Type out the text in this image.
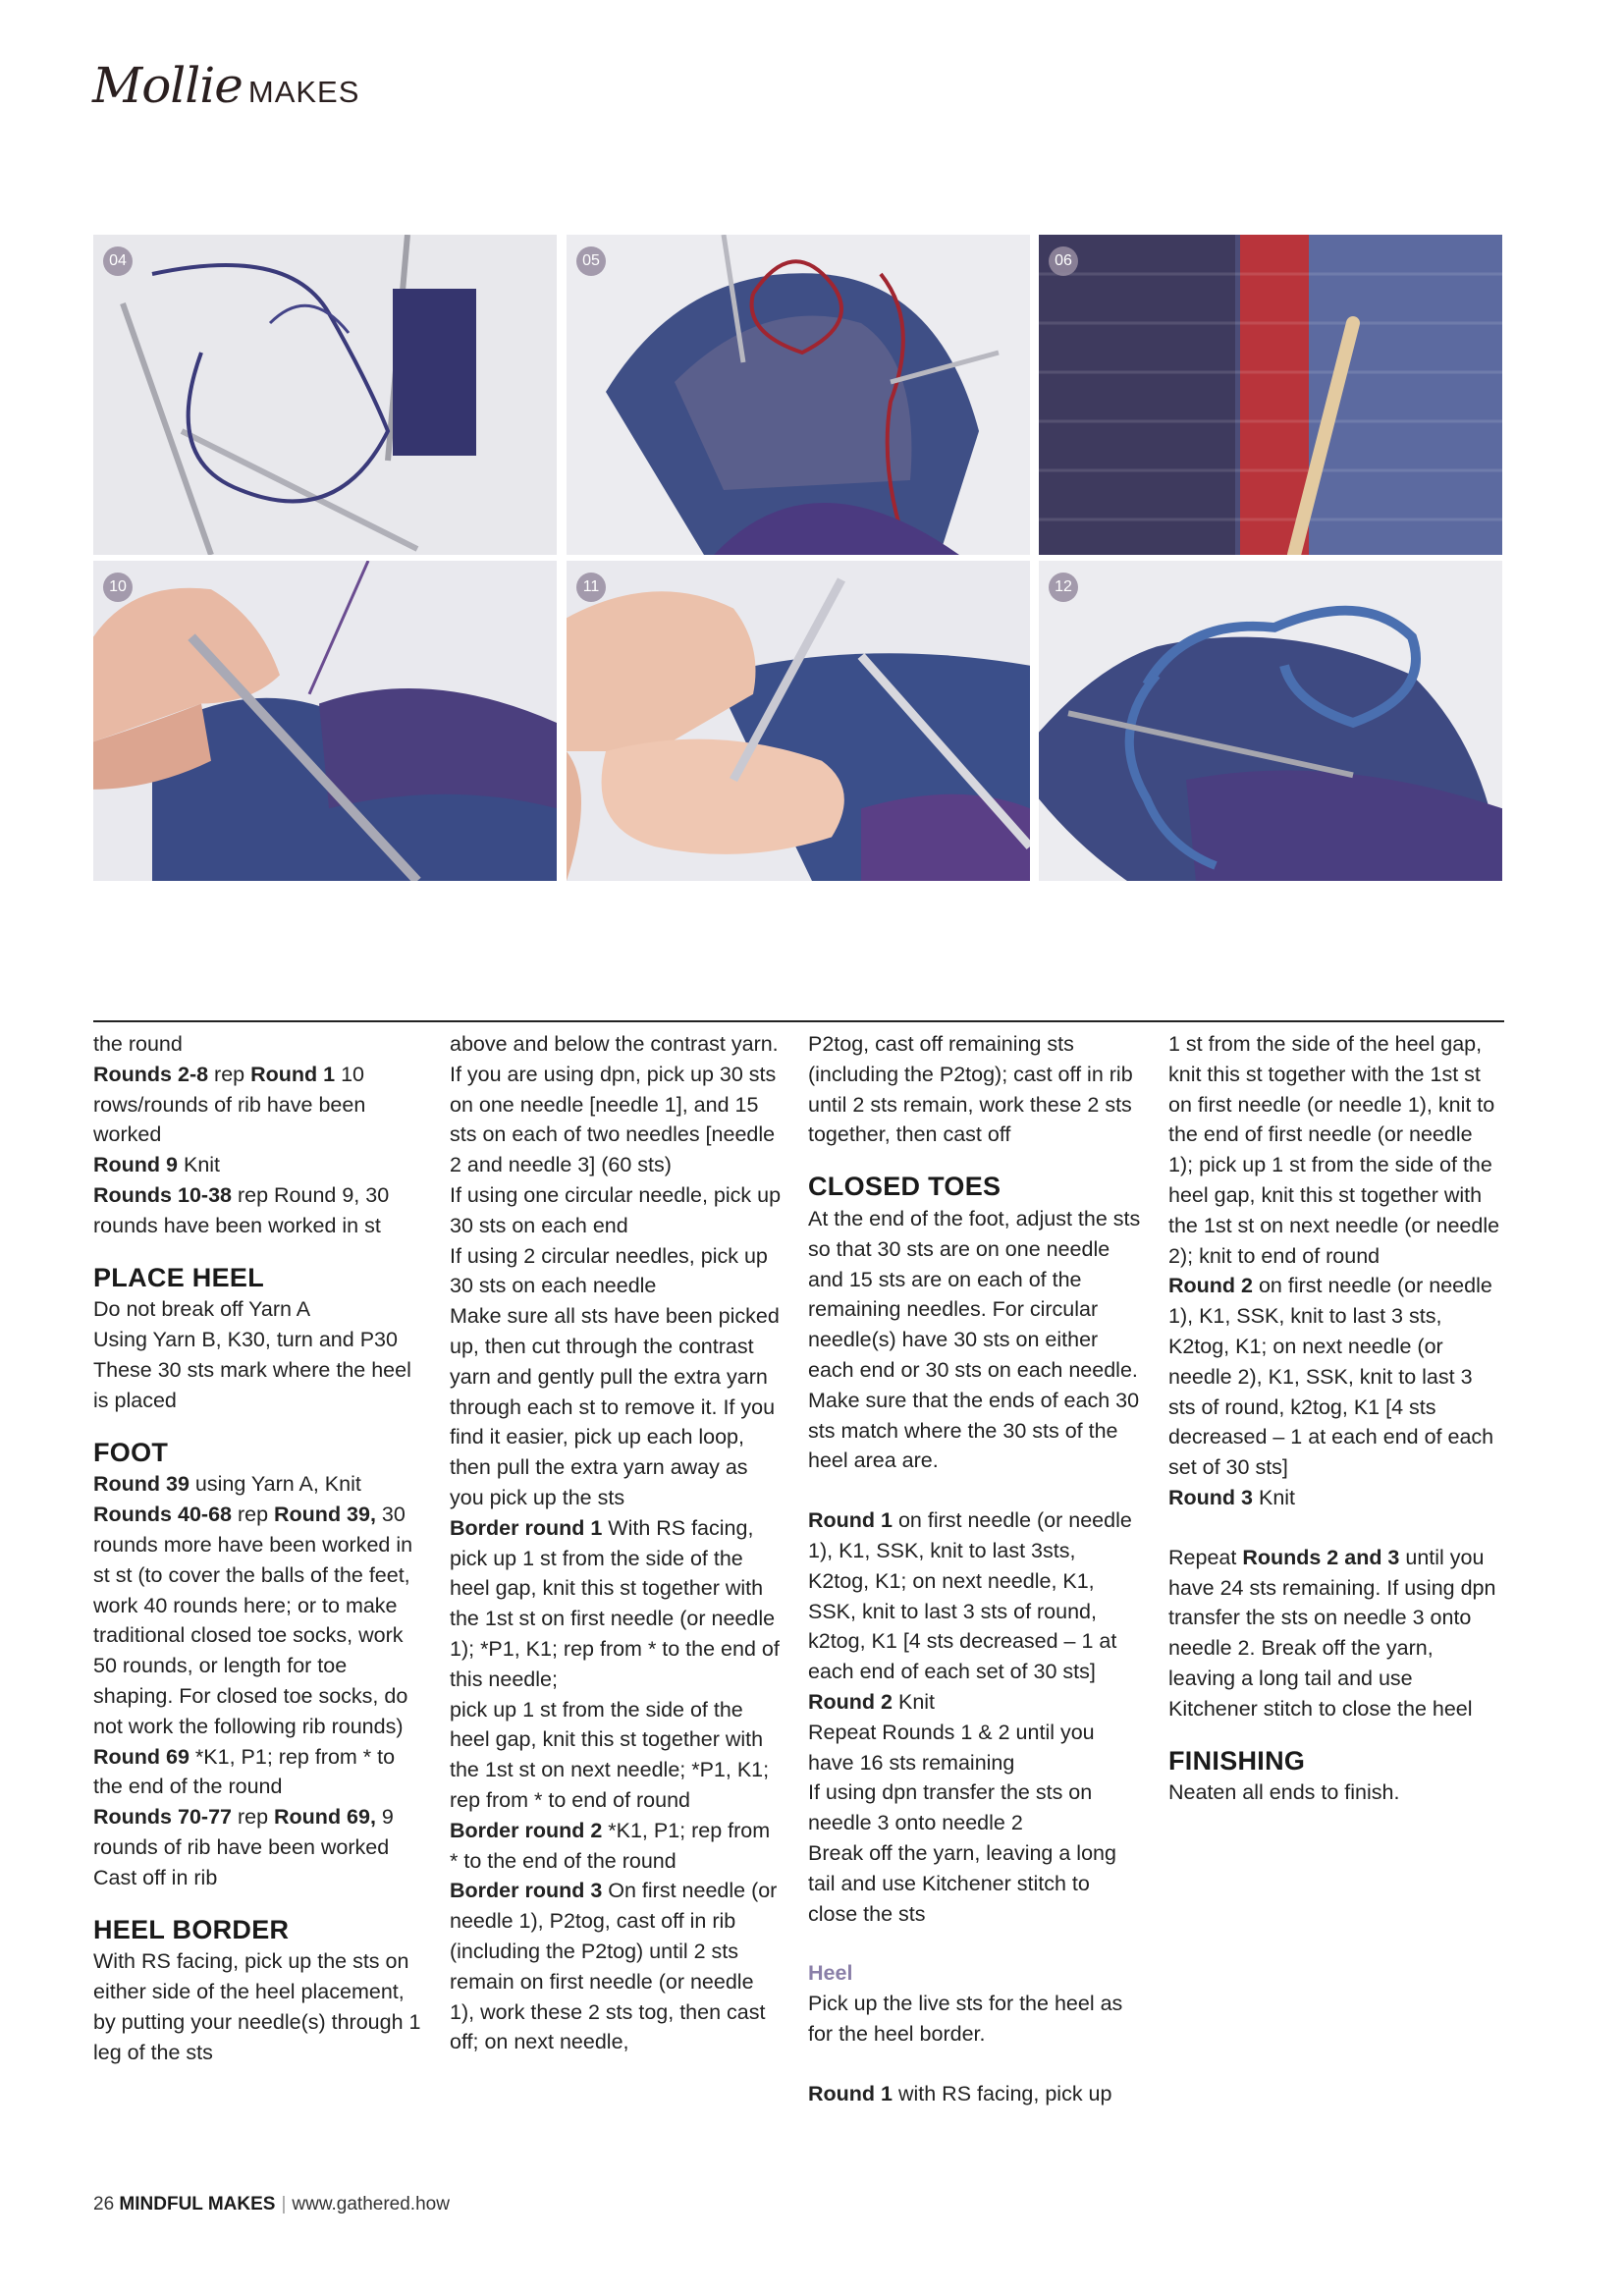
Mollie MAKES
04	05	06
10	11	12

the round

Rounds 2-8 rep Round 1 10 rows/rounds of rib have been worked

Round 9 Knit

Rounds 10-38 rep Round 9, 30 rounds have been worked in st

PLACE HEEL

Do not break off Yarn A

Using Yarn B, K30, turn and P30

These 30 sts mark where the heel is placed

FOOT

Round 39 using Yarn A, Knit

Rounds 40-68 rep Round 39, 30 rounds more have been worked in st st (to cover the balls of the feet, work 40 rounds here; or to make traditional closed toe socks, work 50 rounds, or length for toe shaping. For closed toe socks, do not work the following rib rounds)

Round 69 *K1, P1; rep from * to the end of the round

Rounds 70-77 rep Round 69, 9 rounds of rib have been worked

Cast off in rib

HEEL BORDER

With RS facing, pick up the sts on either side of the heel placement, by putting your needle(s) through 1 leg of the sts

above and below the contrast yarn. If you are using dpn, pick up 30 sts on one needle [needle 1], and 15 sts on each of two needles [needle 2 and needle 3] (60 sts)

If using one circular needle, pick up 30 sts on each end

If using 2 circular needles, pick up 30 sts on each needle

Make sure all sts have been picked up, then cut through the contrast yarn and gently pull the extra yarn through each st to remove it. If you find it easier, pick up each loop, then pull the extra yarn away as you pick up the sts

Border round 1 With RS facing, pick up 1 st from the side of the heel gap, knit this st together with the 1st st on first needle (or needle 1); *P1, K1; rep from * to the end of this needle;

pick up 1 st from the side of the heel gap, knit this st together with the 1st st on next needle; *P1, K1; rep from * to end of round

Border round 2 *K1, P1; rep from * to the end of the round

Border round 3 On first needle (or needle 1), P2tog, cast off in rib (including the P2tog) until 2 sts remain on first needle (or needle 1), work these 2 sts tog, then cast off; on next needle,

P2tog, cast off remaining sts (including the P2tog); cast off in rib until 2 sts remain, work these 2 sts together, then cast off

CLOSED TOES

At the end of the foot, adjust the sts so that 30 sts are on one needle and 15 sts are on each of the remaining needles. For circular needle(s) have 30 sts on either each end or 30 sts on each needle. Make sure that the ends of each 30 sts match where the 30 sts of the heel area are.

Round 1 on first needle (or needle 1), K1, SSK, knit to last 3sts, K2tog, K1; on next needle, K1, SSK, knit to last 3 sts of round, k2tog, K1 [4 sts decreased – 1 at each end of each set of 30 sts]

Round 2 Knit

Repeat Rounds 1 & 2 until you have 16 sts remaining

If using dpn transfer the sts on needle 3 onto needle 2

Break off the yarn, leaving a long tail and use Kitchener stitch to close the sts

Heel

Pick up the live sts for the heel as for the heel border.

Round 1 with RS facing, pick up

1 st from the side of the heel gap, knit this st together with the 1st st on first needle (or needle 1), knit to the end of first needle (or needle 1); pick up 1 st from the side of the heel gap, knit this st together with the 1st st on next needle (or needle 2); knit to end of round

Round 2 on first needle (or needle 1), K1, SSK, knit to last 3 sts, K2tog, K1; on next needle (or needle 2), K1, SSK, knit to last 3 sts of round, k2tog, K1 [4 sts decreased – 1 at each end of each set of 30 sts]

Round 3 Knit

Repeat Rounds 2 and 3 until you have 24 sts remaining. If using dpn transfer the sts on needle 3 onto needle 2. Break off the yarn, leaving a long tail and use Kitchener stitch to close the heel

FINISHING

Neaten all ends to finish.

26 MINDFUL MAKES | www.gathered.how
